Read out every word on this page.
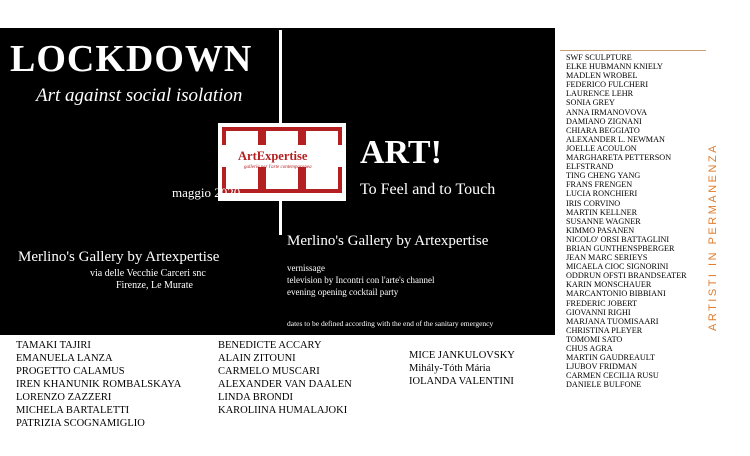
LOCKDOWN
Art against social isolation
ArtExpertise
gallerie per l'arte contemporanea ART!
To Feel and to Touch
maggio 2020
Merlino's Gallery by Artexpertise
via delle Vecchie Carceri snc
Firenze, Le Murate
Merlino's Gallery by Artexpertise
vernissage
television by Incontri con l'arte's channel
evening opening cocktail party
dates to be defined according with the end of the sanitary emergency
SWF SCULPTURE
ELKE HUBMANN KNIELY
MADLEN WROBEL
FEDERICO FULCHERI
LAURENCE LEHR
SONIA GREY
ANNA IRMANOVOVA
DAMIANO ZIGNANI
CHIARA BEGGIATO
ALEXANDER L. NEWMAN
JOELLE ACOULON
MARGHARETA PETTERSON
ELFSTRAND
TING CHENG YANG
FRANS FRENGEN
LUCIA RONCHIERI
IRIS CORVINO
MARTIN KELLNER
SUSANNE WAGNER
KIMMO PASANEN
NICOLO' ORSI BATTAGLINI
BRIAN GUNTHENSPBERGER
JEAN MARC SERIEYS
MICAELA CIOC SIGNORINI
ODDRUN OFSTI BRANDSEATER
KARIN MONSCHAUER
MARCANTONIO BIBBIANI
FREDERIC JOBERT
GIOVANNI RIGHI
MARJANA TUOMISAARI
CHRISTINA PLEYER
TOMOMI SATO
CHUS AGRA
MARTIN GAUDREAULT
LJUBOV FRIDMAN
CARMEN CECILIA RUSU
DANIELE BULFONE
ARTISTI IN PERMANENZA
TAMAKI TAJIRI
EMANUELA LANZA
PROGETTO CALAMUS
IREN KHANUNIK ROMBALSKAYA
LORENZO ZAZZERI
MICHELA BARTALETTI
PATRIZIA SCOGNAMIGLIO
BENEDICTE ACCARY
ALAIN ZITOUNI
CARMELO MUSCARI
ALEXANDER VAN DAALEN
LINDA BRONDI
KAROLIINA HUMALAJOKI
MICE JANKULOVSKY
Mihály-Tóth Mária
IOLANDA VALENTINI
